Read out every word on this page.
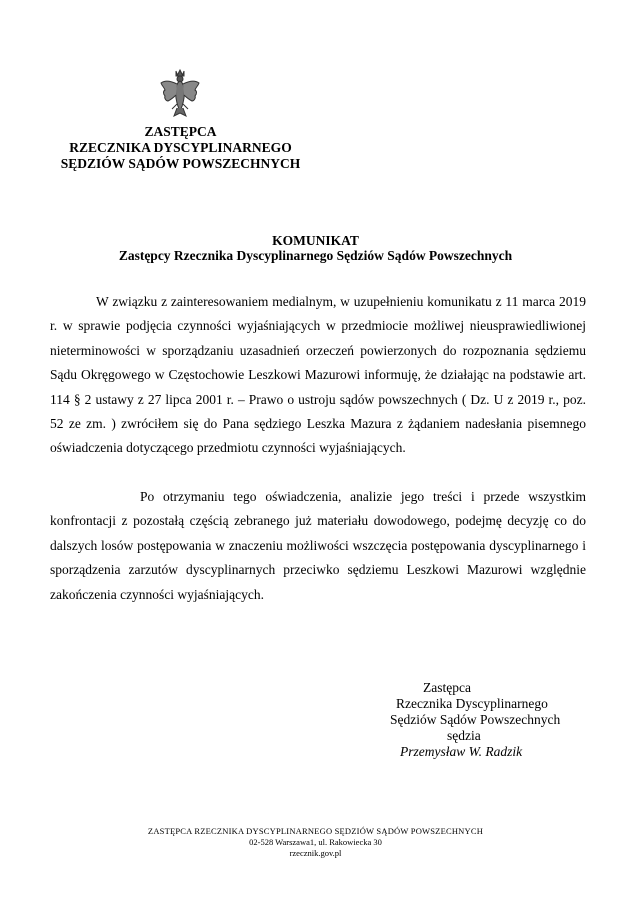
ZASTĘPCA
RZECZNIKA DYSCYPLINARNEGO
SĘDZIÓW SĄDÓW POWSZECHNYCH
KOMUNIKAT
Zastępcy Rzecznika Dyscyplinarnego Sędziów Sądów Powszechnych

W związku z zainteresowaniem medialnym, w uzupełnieniu komunikatu z 11 marca 2019 r. w sprawie podjęcia czynności wyjaśniających w przedmiocie możliwej nieusprawiedliwionej nieterminowości w sporządzaniu uzasadnień orzeczeń powierzonych do rozpoznania sędziemu Sądu Okręgowego w Częstochowie Leszkowi Mazurowi informuję, że działając na podstawie art. 114 § 2 ustawy z 27 lipca 2001 r. – Prawo o ustroju sądów powszechnych ( Dz. U z 2019 r., poz. 52 ze zm. ) zwróciłem się do Pana sędziego Leszka Mazura z żądaniem nadesłania pisemnego oświadczenia dotyczącego przedmiotu czynności wyjaśniających.

Po otrzymaniu tego oświadczenia, analizie jego treści i przede wszystkim konfrontacji z pozostałą częścią zebranego już materiału dowodowego, podejmę decyzję co do dalszych losów postępowania w znaczeniu możliwości wszczęcia postępowania dyscyplinarnego i sporządzenia zarzutów dyscyplinarnych przeciwko sędziemu Leszkowi Mazurowi względnie zakończenia czynności wyjaśniających.

Zastępca
Rzecznika Dyscyplinarnego
Sędziów Sądów Powszechnych
sędzia
Przemysław W. Radzik
ZASTĘPCA RZECZNIKA DYSCYPLINARNEGO SĘDZIÓW SĄDÓW POWSZECHNYCH
02-528 Warszawa1, ul. Rakowiecka 30
rzecznik.gov.pl
